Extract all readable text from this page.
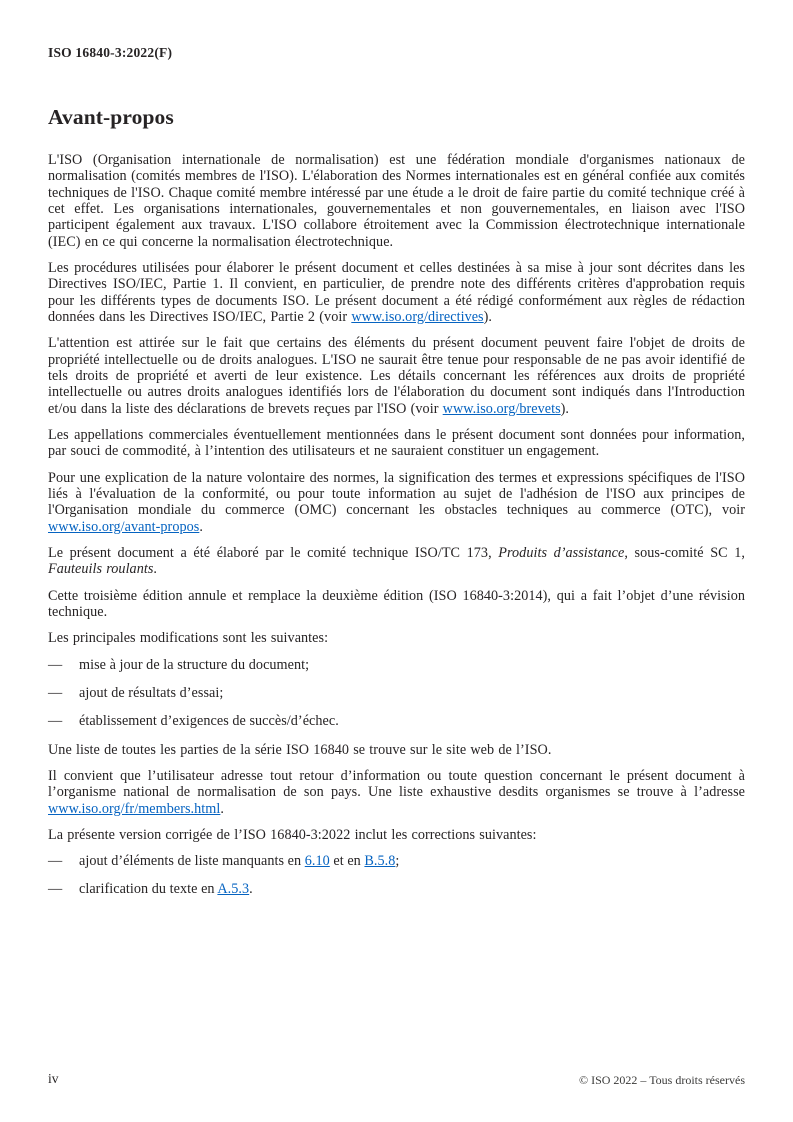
ISO 16840-3:2022(F)
Avant-propos

L'ISO (Organisation internationale de normalisation) est une fédération mondiale d'organismes nationaux de normalisation (comités membres de l'ISO). L'élaboration des Normes internationales est en général confiée aux comités techniques de l'ISO. Chaque comité membre intéressé par une étude a le droit de faire partie du comité technique créé à cet effet. Les organisations internationales, gouvernementales et non gouvernementales, en liaison avec l'ISO participent également aux travaux. L'ISO collabore étroitement avec la Commission électrotechnique internationale (IEC) en ce qui concerne la normalisation électrotechnique.

Les procédures utilisées pour élaborer le présent document et celles destinées à sa mise à jour sont décrites dans les Directives ISO/IEC, Partie 1. Il convient, en particulier, de prendre note des différents critères d'approbation requis pour les différents types de documents ISO. Le présent document a été rédigé conformément aux règles de rédaction données dans les Directives ISO/IEC, Partie 2 (voir www.iso.org/directives).

L'attention est attirée sur le fait que certains des éléments du présent document peuvent faire l'objet de droits de propriété intellectuelle ou de droits analogues. L'ISO ne saurait être tenue pour responsable de ne pas avoir identifié de tels droits de propriété et averti de leur existence. Les détails concernant les références aux droits de propriété intellectuelle ou autres droits analogues identifiés lors de l'élaboration du document sont indiqués dans l'Introduction et/ou dans la liste des déclarations de brevets reçues par l'ISO (voir www.iso.org/brevets).

Les appellations commerciales éventuellement mentionnées dans le présent document sont données pour information, par souci de commodité, à l’intention des utilisateurs et ne sauraient constituer un engagement.

Pour une explication de la nature volontaire des normes, la signification des termes et expressions spécifiques de l'ISO liés à l'évaluation de la conformité, ou pour toute information au sujet de l'adhésion de l'ISO aux principes de l'Organisation mondiale du commerce (OMC) concernant les obstacles techniques au commerce (OTC), voir www.iso.org/avant-propos.

Le présent document a été élaboré par le comité technique ISO/TC 173, Produits d’assistance, sous-comité SC 1, Fauteuils roulants.

Cette troisième édition annule et remplace la deuxième édition (ISO 16840-3:2014), qui a fait l’objet d’une révision technique.

Les principales modifications sont les suivantes:

— mise à jour de la structure du document;
— ajout de résultats d’essai;
— établissement d’exigences de succès/d’échec.

Une liste de toutes les parties de la série ISO 16840 se trouve sur le site web de l’ISO.

Il convient que l’utilisateur adresse tout retour d’information ou toute question concernant le présent document à l’organisme national de normalisation de son pays. Une liste exhaustive desdits organismes se trouve à l’adresse www.iso.org/fr/members.html.

La présente version corrigée de l’ISO 16840-3:2022 inclut les corrections suivantes:

— ajout d’éléments de liste manquants en 6.10 et en B.5.8;
— clarification du texte en A.5.3.
iv	© ISO 2022 – Tous droits réservés
